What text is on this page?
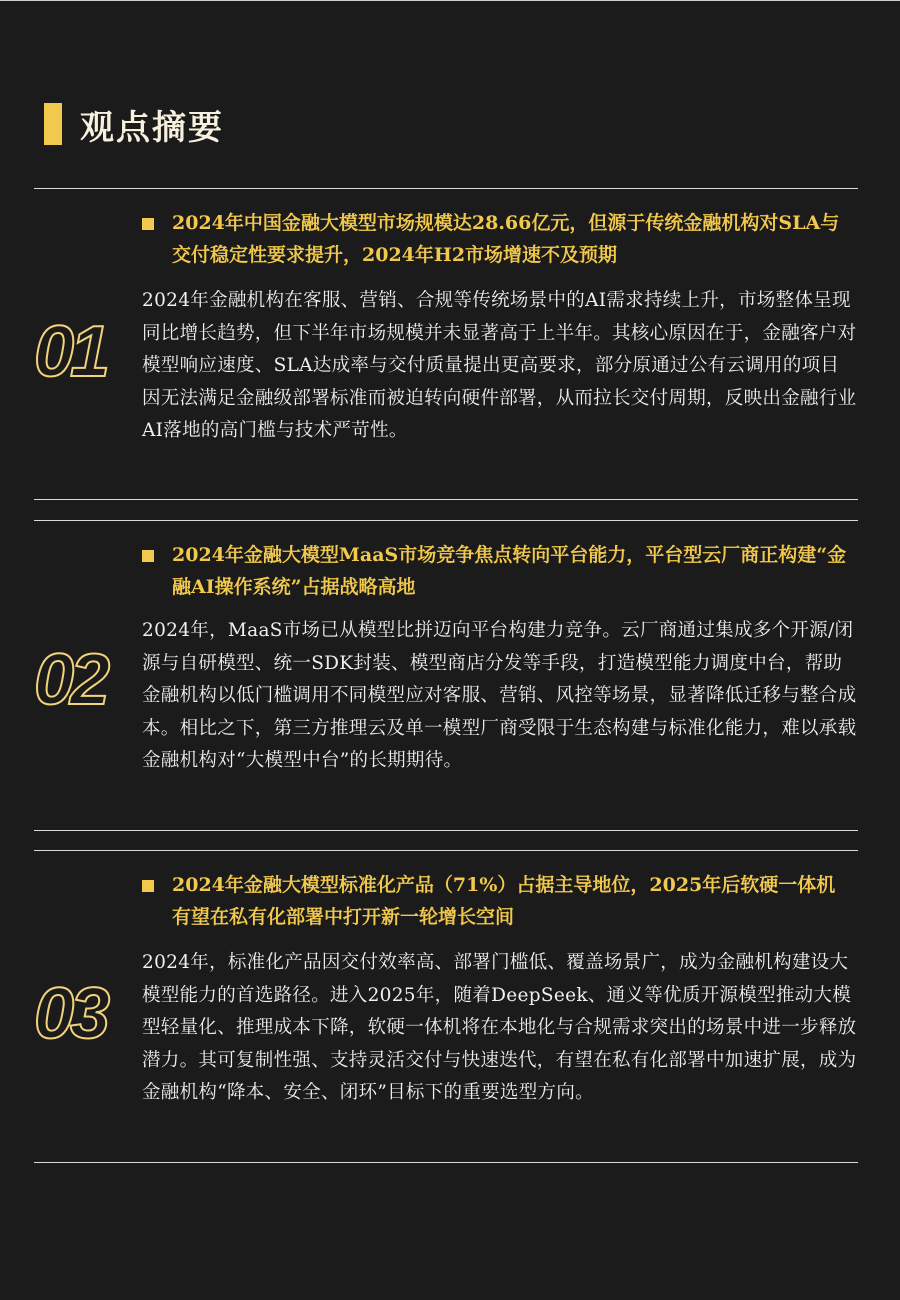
观点摘要
2024年中国金融大模型市场规模达28.66亿元，但源于传统金融机构对SLA与交付稳定性要求提升，2024年H2市场增速不及预期
01
2024年金融机构在客服、营销、合规等传统场景中的AI需求持续上升，市场整体呈现同比增长趋势，但下半年市场规模并未显著高于上半年。其核心原因在于，金融客户对模型响应速度、SLA达成率与交付质量提出更高要求，部分原通过公有云调用的项目因无法满足金融级部署标准而被迫转向硬件部署，从而拉长交付周期，反映出金融行业AI落地的高门槛与技术严苛性。
2024年金融大模型MaaS市场竞争焦点转向平台能力，平台型云厂商正构建“金融AI操作系统”占据战略高地
02
2024年，MaaS市场已从模型比拼迈向平台构建力竞争。云厂商通过集成多个开源/闭源与自研模型、统一SDK封装、模型商店分发等手段，打造模型能力调度中台，帮助金融机构以低门槛调用不同模型应对客服、营销、风控等场景，显著降低迁移与整合成本。相比之下，第三方推理云及单一模型厂商受限于生态构建与标准化能力，难以承载金融机构对“大模型中台”的长期期待。
2024年金融大模型标准化产品（71%）占据主导地位，2025年后软硬一体机有望在私有化部署中打开新一轮增长空间
03
2024年，标准化产品因交付效率高、部署门槛低、覆盖场景广，成为金融机构建设大模型能力的首选路径。进入2025年，随着DeepSeek、通义等优质开源模型推动大模型轻量化、推理成本下降，软硬一体机将在本地化与合规需求突出的场景中进一步释放潜力。其可复制性强、支持灵活交付与快速迭代，有望在私有化部署中加速扩展，成为金融机构“降本、安全、闭环”目标下的重要选型方向。
